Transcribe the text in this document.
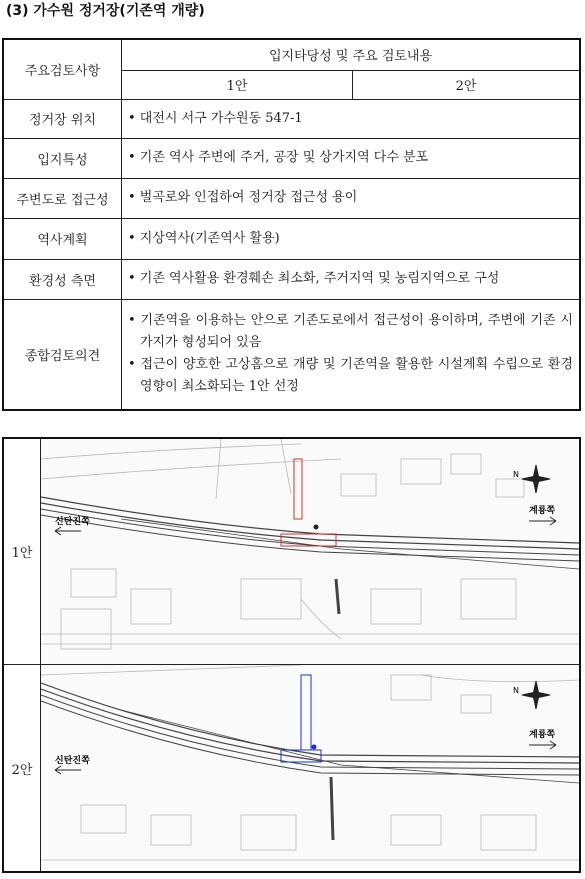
(3) 가수원 정거장(기존역 개량)
주요검토사항	입지타당성 및 주요 검토내용	
	1안	2안
정거장 위치	• 대전시 서구 가수원동 547-1	

입지특성	• 기존 역사 주변에 주거, 공장 및 상가지역 다수 분포	

주변도로 접근성	• 벌곡로와 인접하여 정거장 접근성 용이	

역사계획	• 지상역사(기존역사 활용)	

환경성 측면	• 기존 역사활용 환경훼손 최소화, 주거지역 및 농림지역으로 구성	

종합검토의견	• 기존역을 이용하는 안으로 기존도로에서 접근성이 용이하며, 주변에 기존 시가지가 형성되어 있음
• 접근이 양호한 고상홈으로 개량 및 기존역을 활용한 시설계획 수립으로 환경영향이 최소화되는 1안 선정	
1안
N
신탄진쪽
계룡쪽
2안
N
신탄진쪽
계룡쪽
